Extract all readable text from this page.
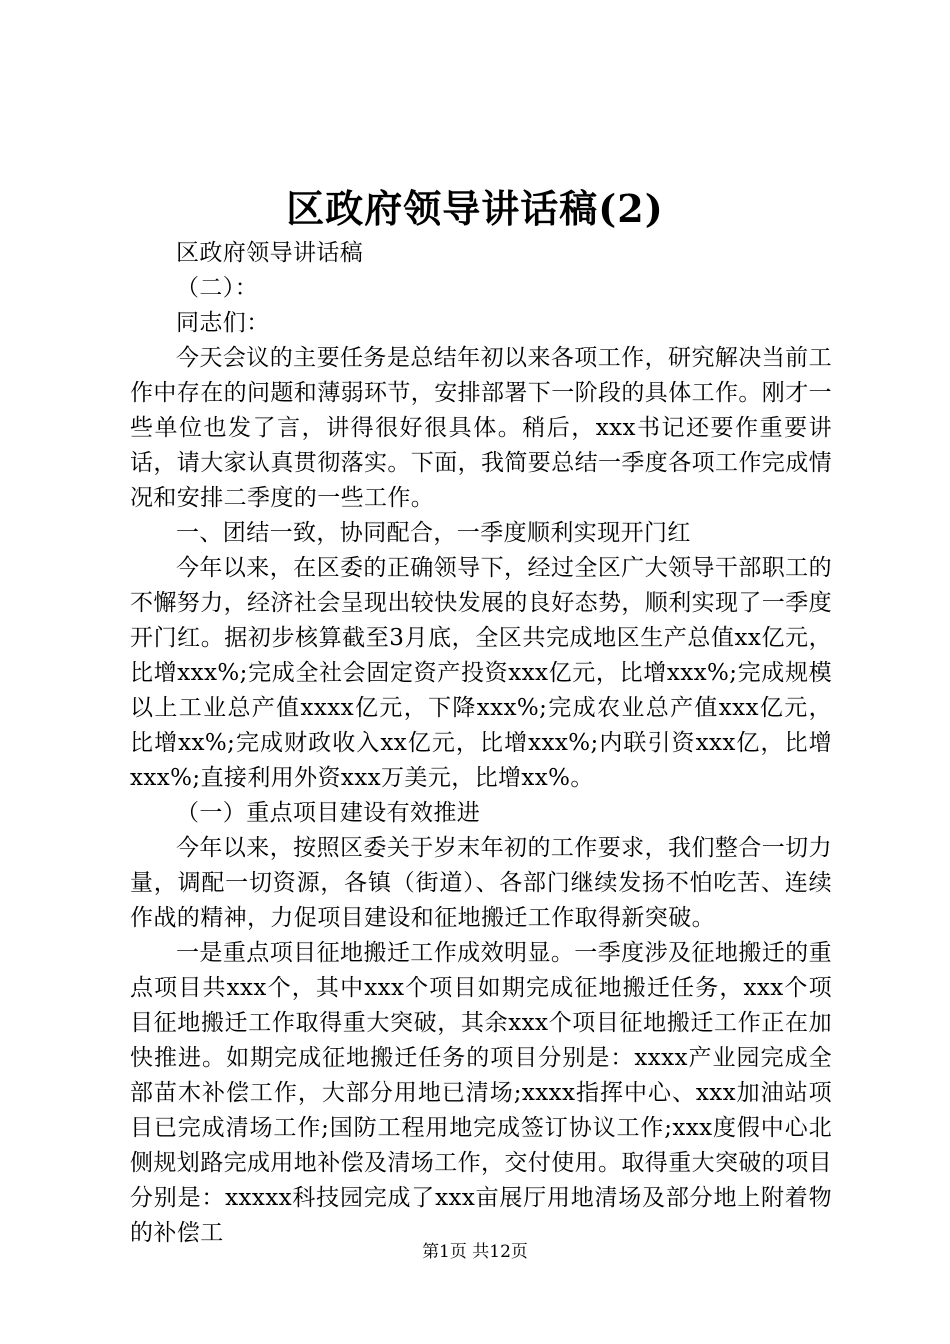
区政府领导讲话稿(2)

区政府领导讲话稿

（二）：

同志们：

今天会议的主要任务是总结年初以来各项工作，研究解决当前工作中存在的问题和薄弱环节，安排部署下一阶段的具体工作。刚才一些单位也发了言，讲得很好很具体。稍后，xxx书记还要作重要讲话，请大家认真贯彻落实。下面，我简要总结一季度各项工作完成情况和安排二季度的一些工作。

一、团结一致，协同配合，一季度顺利实现开门红

今年以来，在区委的正确领导下，经过全区广大领导干部职工的不懈努力，经济社会呈现出较快发展的良好态势，顺利实现了一季度开门红。据初步核算截至3月底，全区共完成地区生产总值xx亿元，比增xxx%;完成全社会固定资产投资xxx亿元，比增xxx%;完成规模以上工业总产值xxxx亿元，下降xxx%;完成农业总产值xxx亿元，比增xx%;完成财政收入xx亿元，比增xxx%;内联引资xxx亿，比增xxx%;直接利用外资xxx万美元，比增xx%。

（一）重点项目建设有效推进

今年以来，按照区委关于岁末年初的工作要求，我们整合一切力量，调配一切资源，各镇（街道）、各部门继续发扬不怕吃苦、连续作战的精神，力促项目建设和征地搬迁工作取得新突破。

一是重点项目征地搬迁工作成效明显。一季度涉及征地搬迁的重点项目共xxx个，其中xxx个项目如期完成征地搬迁任务，xxx个项目征地搬迁工作取得重大突破，其余xxx个项目征地搬迁工作正在加快推进。如期完成征地搬迁任务的项目分别是：xxxx产业园完成全部苗木补偿工作，大部分用地已清场;xxxx指挥中心、xxx加油站项目已完成清场工作;国防工程用地完成签订协议工作;xxx度假中心北侧规划路完成用地补偿及清场工作，交付使用。取得重大突破的项目分别是：xxxxx科技园完成了xxx亩展厅用地清场及部分地上附着物的补偿工

第1页 共12页
